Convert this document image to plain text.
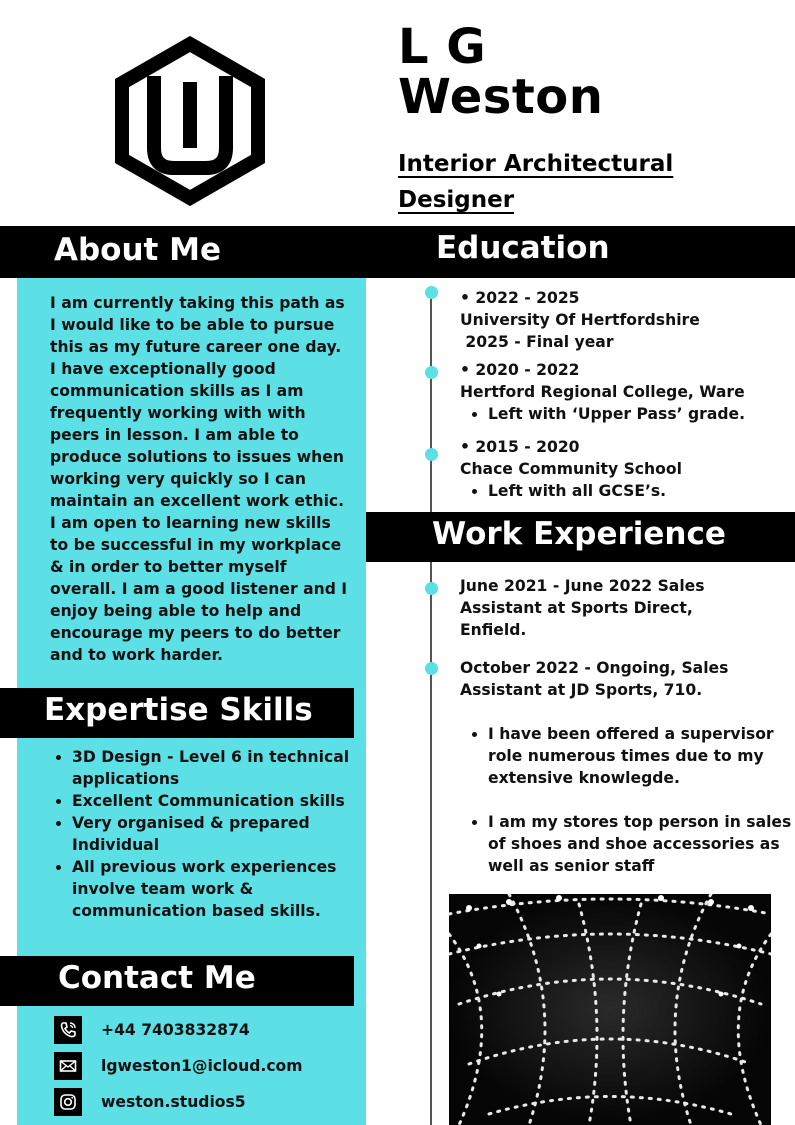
L G
Weston
Interior Architectural
Designer
About Me	Education
I am currently taking this path as I would like to be able to pursue this as my future career one day. I have exceptionally good communication skills as I am frequently working with with peers in lesson. I am able to produce solutions to issues when working very quickly so I can maintain an excellent work ethic. I am open to learning new skills to be successful in my workplace & in order to better myself overall. I am a good listener and I enjoy being able to help and encourage my peers to do better and to work harder.
Expertise Skills
• 3D Design - Level 6 in technical applications
• Excellent Communication skills
• Very organised & prepared Individual
• All previous work experiences involve team work & communication based skills.
Contact Me
+44 7403832874
lgweston1@icloud.com
weston.studios5
• 2022 - 2025
University Of Hertfordshire
2025 - Final year
• 2020 - 2022
Hertford Regional College, Ware
• Left with ‘Upper Pass’ grade.
• 2015 - 2020
Chace Community School
• Left with all GCSE’s.
Work Experience
June 2021 - June 2022 Sales Assistant at Sports Direct, Enfield.
October 2022 - Ongoing, Sales Assistant at JD Sports, 710.
• I have been offered a supervisor role numerous times due to my extensive knowlegde.
• I am my stores top person in sales of shoes and shoe accessories as well as senior staff
